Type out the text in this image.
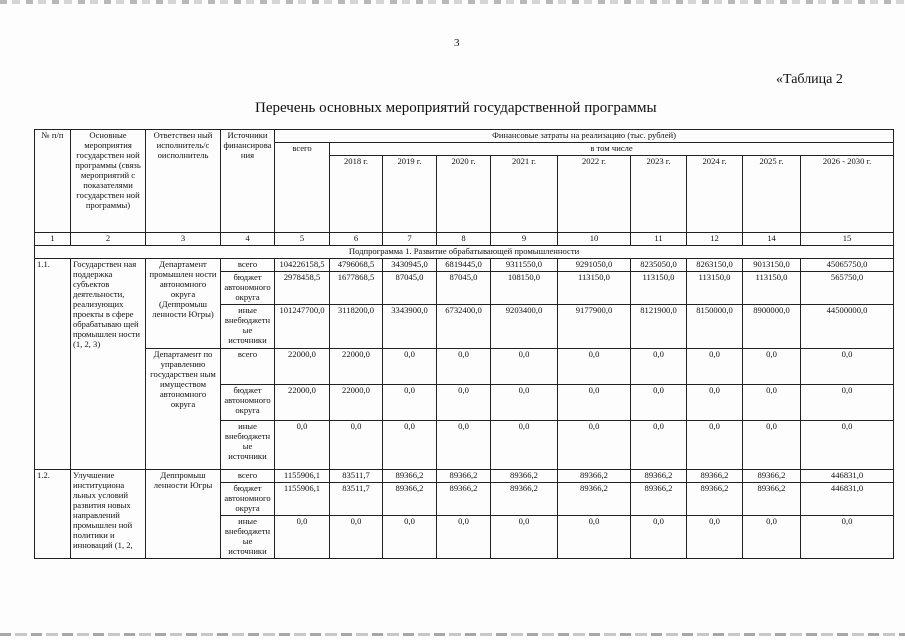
3
«Таблица 2
Перечень основных мероприятий государственной программы
№ п/п	Основные мероприятия государствен ной программы (связь мероприятий с показателями государствен ной программы)	Ответствен ный исполнитель/с оисполнитель	Источники финансирова ния	Финансовые затраты на реализацию (тыс. рублей)									
				всего	в том числе								
					2018 г.	2019 г.	2020 г.	2021 г.	2022 г.	2023 г.	2024 г.	2025 г.	2026 - 2030 г.
1	2	3	4	5	6	7	8	9	10	11	12	14	15
Подпрограмма 1. Развитие обрабатывающей промышленности													
1.1.	Государствен ная поддержка субъектов деятельности, реализующих проекты в сфере обрабатываю щей промышлен ности (1, 2, 3)	Департамент промышлен ности автономного округа (Деппромыш ленности Югры)	всего	104226158,5	4796068,5	3430945,0	6819445,0	9311550,0	9291050,0	8235050,0	8263150,0	9013150,0	45065750,0
			бюджет автономного округа	2978458,5	1677868,5	87045,0	87045,0	108150,0	113150,0	113150,0	113150,0	113150,0	565750,0
			иные внебюджетн ые источники	101247700,0	3118200,0	3343900,0	6732400,0	9203400,0	9177900,0	8121900,0	8150000,0	8900000,0	44500000,0
		Департамент по управлению государствен ным имуществом автономного округа	всего	22000,0	22000,0	0,0	0,0	0,0	0,0	0,0	0,0	0,0	0,0
			бюджет автономного округа	22000,0	22000,0	0,0	0,0	0,0	0,0	0,0	0,0	0,0	0,0
			иные внебюджетн ые источники	0,0	0,0	0,0	0,0	0,0	0,0	0,0	0,0	0,0	0,0
1.2.	Улучшение институциона льных условий развития новых направлений промышлен ной политики и инноваций (1, 2,	Деппромыш ленности Югры	всего	1155906,1	83511,7	89366,2	89366,2	89366,2	89366,2	89366,2	89366,2	89366,2	446831,0
			бюджет автономного округа	1155906,1	83511,7	89366,2	89366,2	89366,2	89366,2	89366,2	89366,2	89366,2	446831,0
			иные внебюджетн ые источники	0,0	0,0	0,0	0,0	0,0	0,0	0,0	0,0	0,0	0,0
